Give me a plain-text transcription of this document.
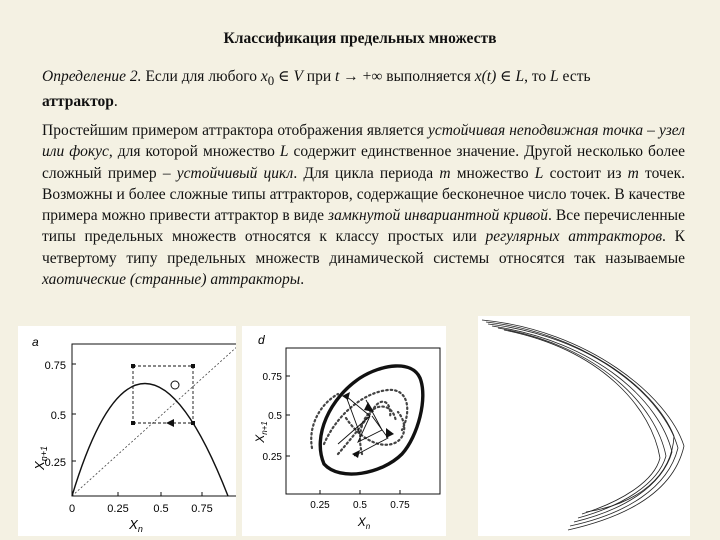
Классификация предельных множеств
Определение 2. Если для любого $x_0$ ∈ V при t → +∞ выполняется x(t) ∈ L, то L есть
аттрактор.
Простейшим примером аттрактора отображения является устойчивая неподвижная точка – узел или фокус, для которой множество L содержит единственное значение. Другой несколько более сложный пример – устойчивый цикл. Для цикла периода m множество L состоит из m точек. Возможны и более сложные типы аттракторов, содержащие бесконечное число точек. В качестве примера можно привести аттрактор в виде замкнутой инвариантной кривой. Все перечисленные типы предельных множеств относятся к классу простых или регулярных аттракторов. К четвертому типу предельных множеств динамической системы относятся так называемые хаотические (странные) аттракторы.
a
$X_{n+1}$
0.75
0.5
0.25
0	0.25 0.5 0.75
$X_n$
d
$X_{n+1}$
0.75
0.5
0.25
0.25 0.5 0.75
$X_n$
